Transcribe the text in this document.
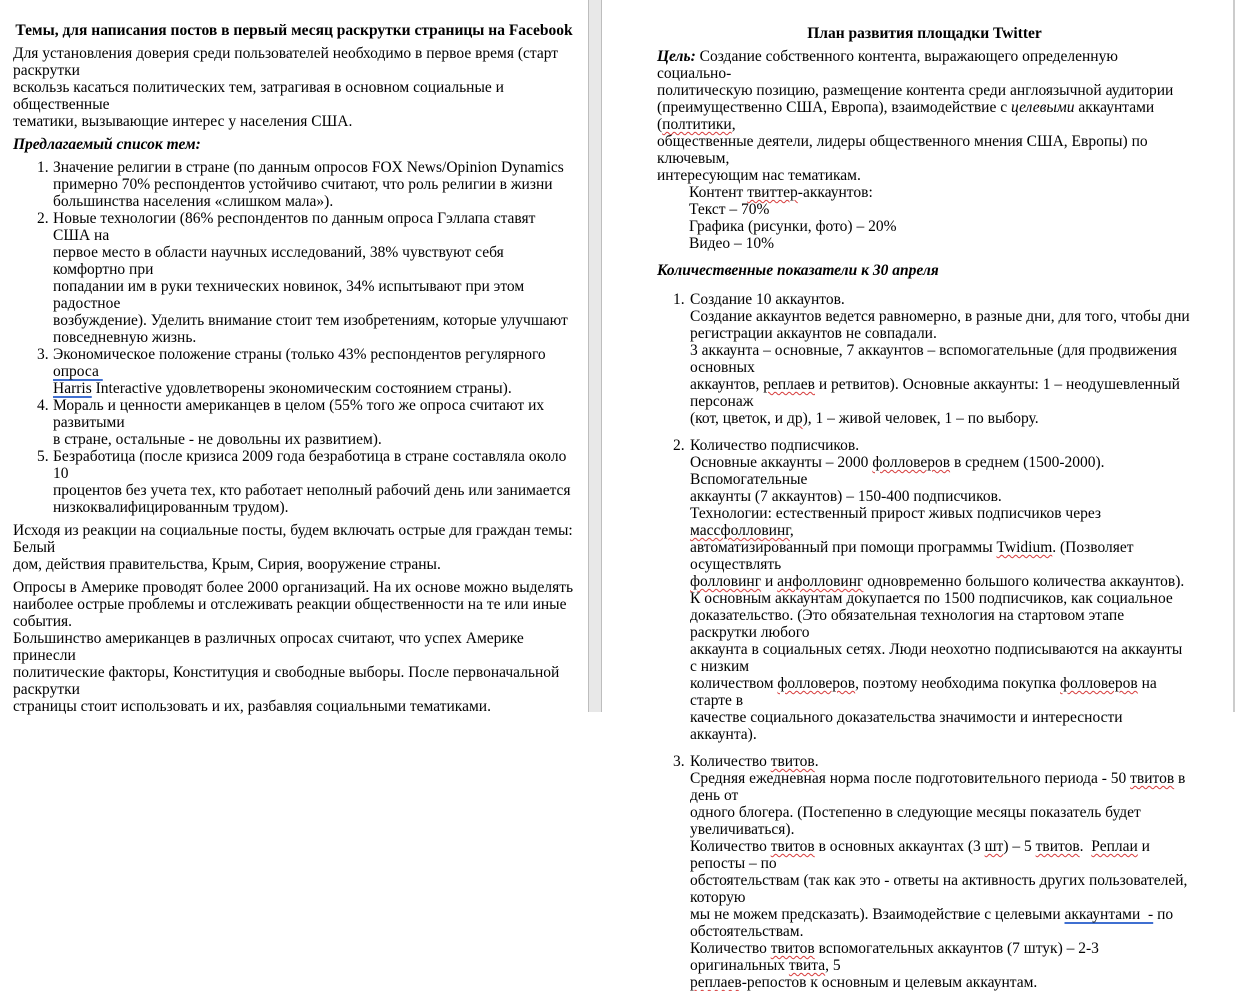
Темы, для написания постов в первый месяц раскрутки страницы на Facebook
Для установления доверия среди пользователей необходимо в первое время (старт раскрутки
вскользь касаться политических тем, затрагивая в основном социальные и общественные
тематики, вызывающие интерес у населения США.
Предлагаемый список тем:
1. Значение религии в стране (по данным опросов FOX News/Opinion Dynamics
примерно 70% респондентов устойчиво считают, что роль религии в жизни
большинства населения «слишком мала»).
2. Новые технологии (86% респондентов по данным опроса Гэллапа ставят США на
первое место в области научных исследований, 38% чувствуют себя комфортно при
попадании им в руки технических новинок, 34% испытывают при этом радостное
возбуждение). Уделить внимание стоит тем изобретениям, которые улучшают
повседневную жизнь.
3. Экономическое положение страны (только 43% респондентов регулярного опроса
Harris Interactive удовлетворены экономическим состоянием страны).
4. Мораль и ценности американцев в целом (55% того же опроса считают их развитыми
в стране, остальные - не довольны их развитием).
5. Безработица (после кризиса 2009 года безработица в стране составляла около 10
процентов без учета тех, кто работает неполный рабочий день или занимается
низкоквалифицированным трудом).
Исходя из реакции на социальные посты, будем включать острые для граждан темы: Белый
дом, действия правительства, Крым, Сирия, вооружение страны.
Опросы в Америке проводят более 2000 организаций. На их основе можно выделять
наиболее острые проблемы и отслеживать реакции общественности на те или иные события.
Большинство американцев в различных опросах считают, что успех Америке принесли
политические факторы, Конституция и свободные выборы. После первоначальной раскрутки
страницы стоит использовать и их, разбавляя социальными тематиками.
План развития площадки Twitter
Цель: Создание собственного контента, выражающего определенную социально-
политическую позицию, размещение контента среди англоязычной аудитории
(преимущественно США, Европа), взаимодействие с целевыми аккаунтами (полтитики,
общественные деятели, лидеры общественного мнения США, Европы) по ключевым,
интересующим нас тематикам.
Контент твиттер-аккаунтов:
Текст – 70%
Графика (рисунки, фото) – 20%
Видео – 10%
Количественные показатели к 30 апреля
1. Создание 10 аккаунтов.
Создание аккаунтов ведется равномерно, в разные дни, для того, чтобы дни
регистрации аккаунтов не совпадали.
3 аккаунта – основные, 7 аккаунтов – вспомогательные (для продвижения основных
аккаунтов, реплаев и ретвитов). Основные аккаунты: 1 – неодушевленный персонаж
(кот, цветок, и др), 1 – живой человек, 1 – по выбору.
2. Количество подписчиков.
Основные аккаунты – 2000 фолловеров в среднем (1500-2000). Вспомогательные
аккаунты (7 аккаунтов) – 150-400 подписчиков.
Технологии: естественный прирост живых подписчиков через массфолловинг,
автоматизированный при помощи программы Twidium. (Позволяет осуществлять
фолловинг и анфолловинг одновременно большого количества аккаунтов).
К основным аккаунтам докупается по 1500 подписчиков, как социальное
доказательство. (Это обязательная технология на стартовом этапе раскрутки любого
аккаунта в социальных сетях. Люди неохотно подписываются на аккаунты с низким
количеством фолловеров, поэтому необходима покупка фолловеров на старте в
качестве социального доказательства значимости и интересности аккаунта).
3. Количество твитов.
Средняя ежедневная норма после подготовительного периода - 50 твитов в день от
одного блогера. (Постепенно в следующие месяцы показатель будет увеличиваться).
Количество твитов в основных аккаунтах (3 шт) – 5 твитов.  Реплаи и репосты – по
обстоятельствам (так как это - ответы на активность других пользователей, которую
мы не можем предсказать). Взаимодействие с целевыми аккаунтами  - по
обстоятельствам.
Количество твитов вспомогательных аккаунтов (7 штук) – 2-3 оригинальных твита, 5
реплаев-репостов к основным и целевым аккаунтам.
